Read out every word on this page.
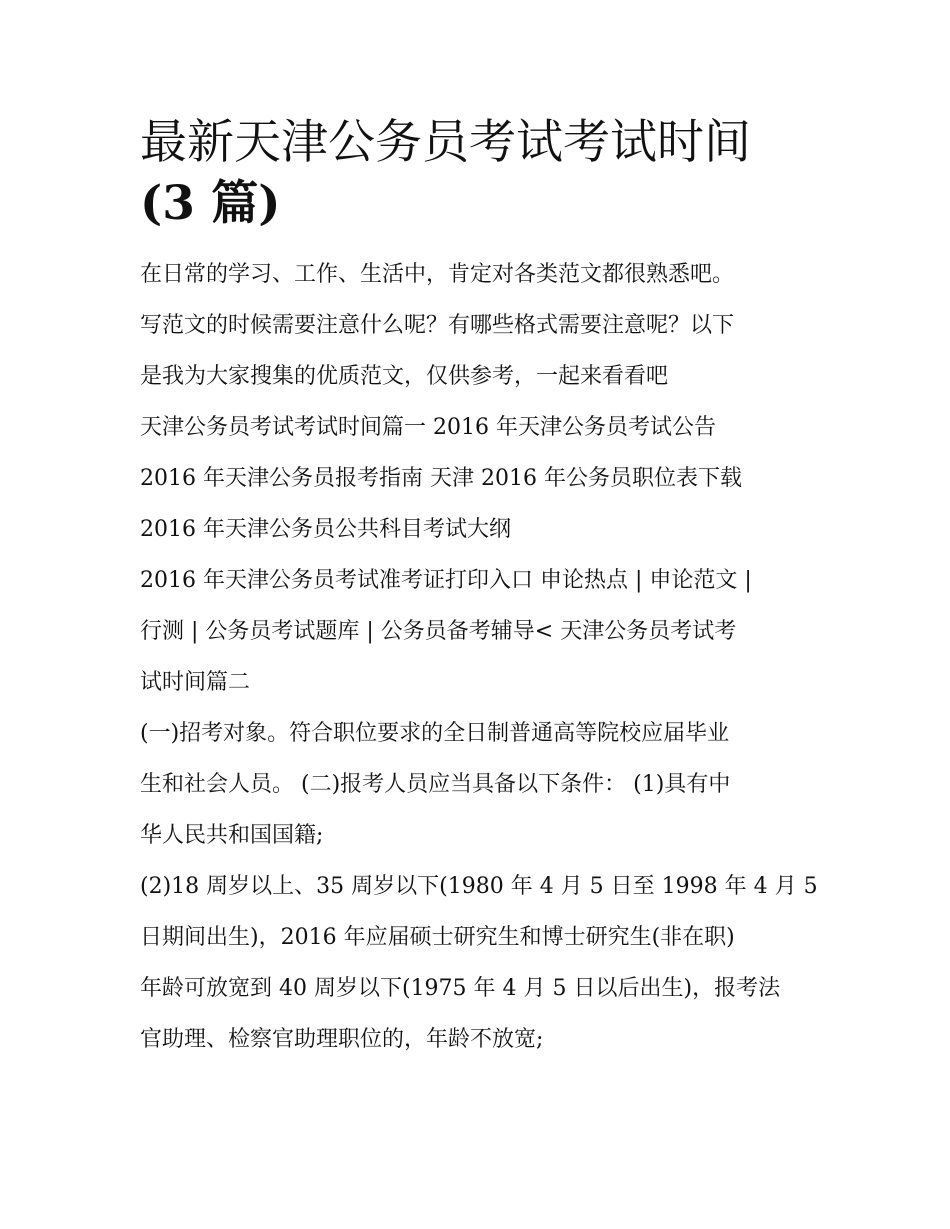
最新天津公务员考试考试时间
(3 篇)
在日常的学习、工作、生活中，肯定对各类范文都很熟悉吧。
写范文的时候需要注意什么呢？有哪些格式需要注意呢？以下
是我为大家搜集的优质范文，仅供参考，一起来看看吧
天津公务员考试考试时间篇一 2016 年天津公务员考试公告
2016 年天津公务员报考指南 天津 2016 年公务员职位表下载
2016 年天津公务员公共科目考试大纲
2016 年天津公务员考试准考证打印入口 申论热点 | 申论范文 |
行测 | 公务员考试题库 | 公务员备考辅导< 天津公务员考试考
试时间篇二
(一)招考对象。符合职位要求的全日制普通高等院校应届毕业
生和社会人员。 (二)报考人员应当具备以下条件： (1)具有中
华人民共和国国籍;
(2)18 周岁以上、35 周岁以下(1980 年 4 月 5 日至 1998 年 4 月 5
日期间出生)，2016 年应届硕士研究生和博士研究生(非在职)
年龄可放宽到 40 周岁以下(1975 年 4 月 5 日以后出生)，报考法
官助理、检察官助理职位的，年龄不放宽;
